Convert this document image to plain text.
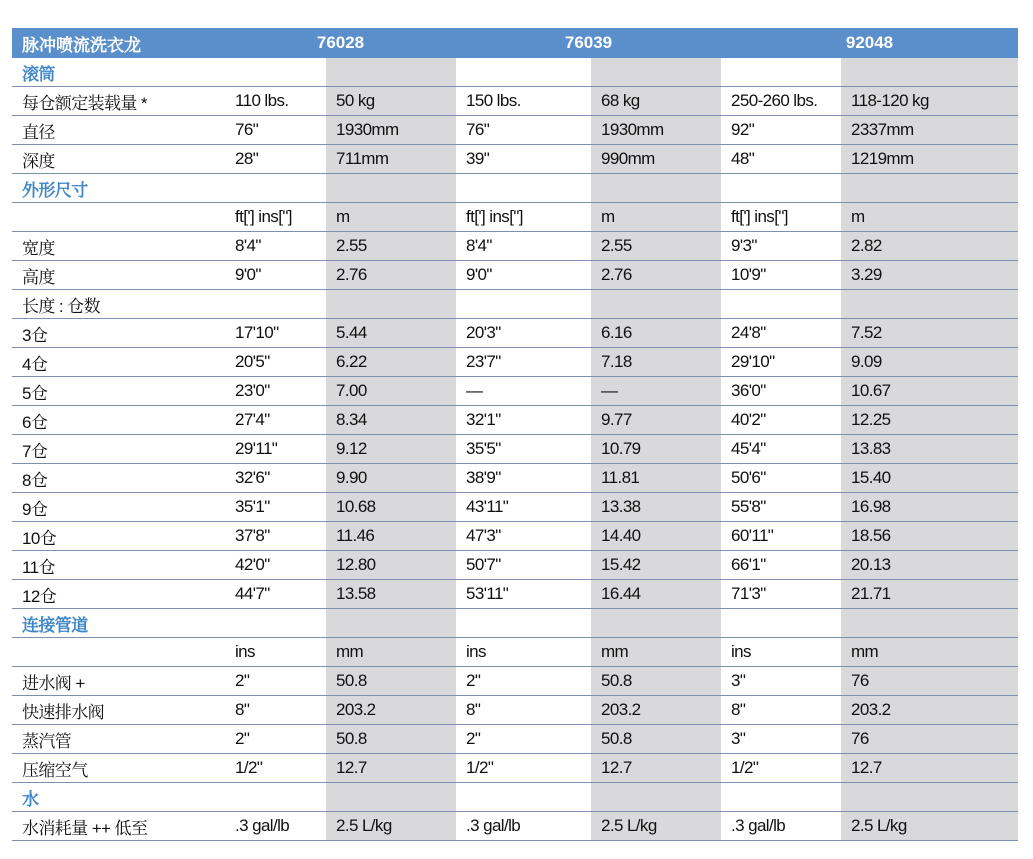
脉冲喷流洗衣龙	76028		76039		92048	
滚筒						
每仓额定装载量 *	110 lbs.	50 kg	150 lbs.	68 kg	250-260 lbs.	118-120 kg
直径	76"	1930mm	76"	1930mm	92"	2337mm
深度	28"	711mm	39"	990mm	48"	1219mm
外形尺寸						
	ft['] ins["]	m	ft['] ins["]	m	ft['] ins["]	m
宽度	8'4"	2.55	8'4"	2.55	9'3"	2.82
高度	9'0"	2.76	9'0"	2.76	10'9"	3.29
长度 : 仓数						
3仓	17'10"	5.44	20'3"	6.16	24'8"	7.52
4仓	20'5"	6.22	23'7"	7.18	29'10"	9.09
5仓	23'0"	7.00	—	—	36'0"	10.67
6仓	27'4"	8.34	32'1"	9.77	40'2"	12.25
7仓	29'11"	9.12	35'5"	10.79	45'4"	13.83
8仓	32'6"	9.90	38'9"	11.81	50'6"	15.40
9仓	35'1"	10.68	43'11"	13.38	55'8"	16.98
10仓	37'8"	11.46	47'3"	14.40	60'11"	18.56
11仓	42'0"	12.80	50'7"	15.42	66'1"	20.13
12仓	44'7"	13.58	53'11"	16.44	71'3"	21.71
连接管道						
	ins	mm	ins	mm	ins	mm
进水阀 +	2"	50.8	2"	50.8	3"	76
快速排水阀	8"	203.2	8"	203.2	8"	203.2
蒸汽管	2"	50.8	2"	50.8	3"	76
压缩空气	1/2"	12.7	1/2"	12.7	1/2"	12.7
水						
水消耗量 ++ 低至	.3 gal/lb	2.5 L/kg	.3 gal/lb	2.5 L/kg	.3 gal/lb	2.5 L/kg
